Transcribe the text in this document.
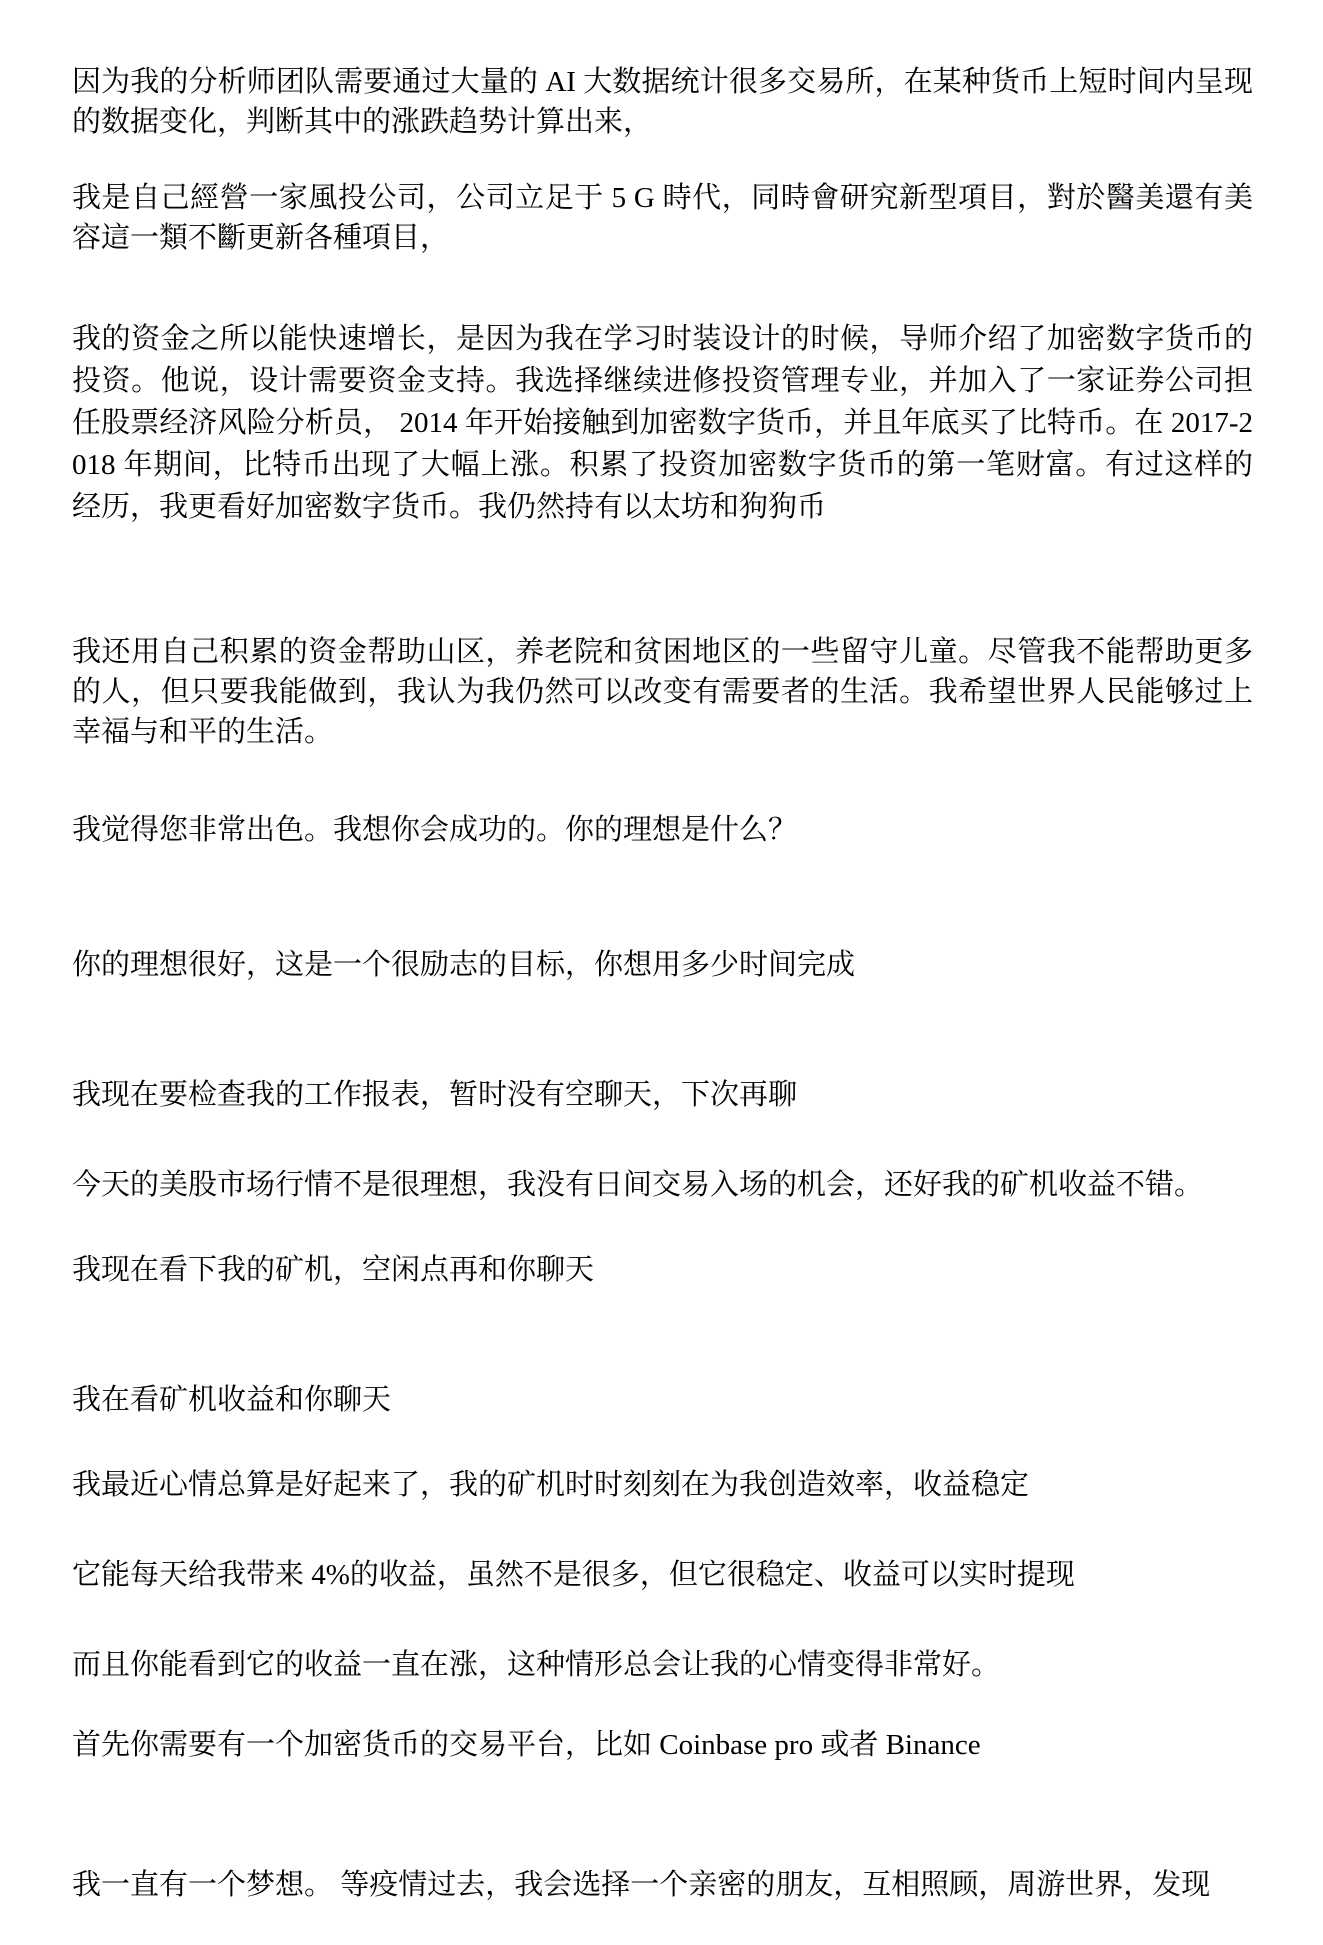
因为我的分析师团队需要通过大量的 AI 大数据统计很多交易所，在某种货币上短时间内呈现的数据变化，判断其中的涨跌趋势计算出来，

我是自己經營一家風投公司，公司立足于 5 G 時代，同時會研究新型項目，對於醫美還有美容這一類不斷更新各種項目，

我的资金之所以能快速增长，是因为我在学习时装设计的时候，导师介绍了加密数字货币的投资。他说，设计需要资金支持。我选择继续进修投资管理专业，并加入了一家证券公司担任股票经济风险分析员， 2014 年开始接触到加密数字货币，并且年底买了比特币。在 2017-2018 年期间，比特币出现了大幅上涨。积累了投资加密数字货币的第一笔财富。有过这样的经历，我更看好加密数字货币。我仍然持有以太坊和狗狗币

我还用自己积累的资金帮助山区，养老院和贫困地区的一些留守儿童。尽管我不能帮助更多的人，但只要我能做到，我认为我仍然可以改变有需要者的生活。我希望世界人民能够过上幸福与和平的生活。

我觉得您非常出色。我想你会成功的。你的理想是什么？

你的理想很好，这是一个很励志的目标，你想用多少时间完成

我现在要检查我的工作报表，暂时没有空聊天，下次再聊

今天的美股市场行情不是很理想，我没有日间交易入场的机会，还好我的矿机收益不错。

我现在看下我的矿机，空闲点再和你聊天

我在看矿机收益和你聊天

我最近心情总算是好起来了，我的矿机时时刻刻在为我创造效率，收益稳定

它能每天给我带来 4%的收益，虽然不是很多，但它很稳定、收益可以实时提现

而且你能看到它的收益一直在涨，这种情形总会让我的心情变得非常好。

首先你需要有一个加密货币的交易平台，比如 Coinbase pro 或者 Binance

我一直有一个梦想。 等疫情过去，我会选择一个亲密的朋友，互相照顾，周游世界，发现
